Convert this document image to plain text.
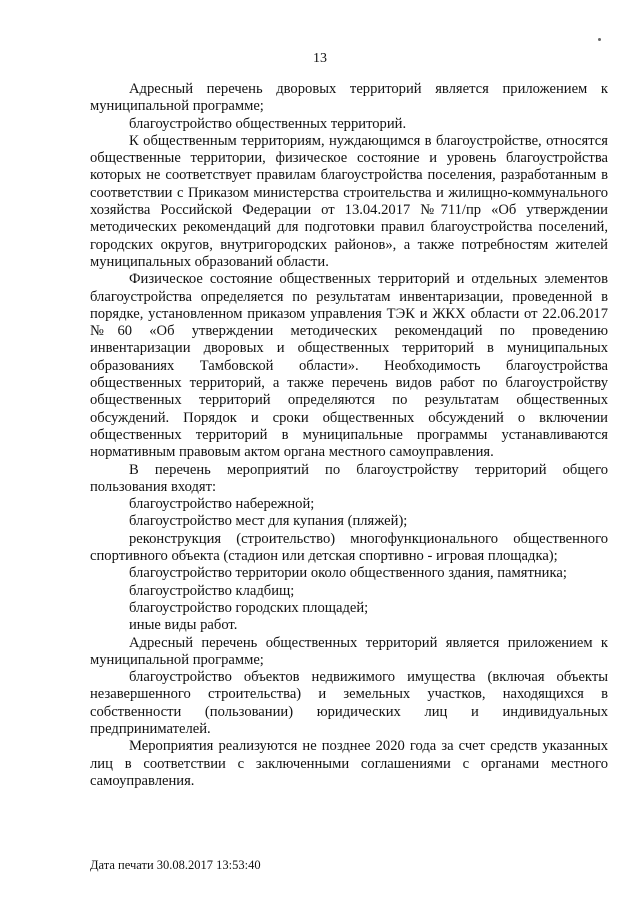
13

Адресный перечень дворовых территорий является приложением к муниципальной программе;

благоустройство общественных территорий.

К общественным территориям, нуждающимся в благоустройстве, относятся общественные территории, физическое состояние и уровень благоустройства которых не соответствует правилам благоустройства поселения, разработанным в соответствии с Приказом министерства строительства и жилищно-коммунального хозяйства Российской Федерации от 13.04.2017 №711/пр «Об утверждении методических рекомендаций для подготовки правил благоустройства поселений, городских округов, внутригородских районов», а также потребностям жителей муниципальных образований области.

Физическое состояние общественных территорий и отдельных элементов благоустройства определяется по результатам инвентаризации, проведенной в порядке, установленном приказом управления ТЭК и ЖКХ области от 22.06.2017 №60 «Об утверждении методических рекомендаций по проведению инвентаризации дворовых и общественных территорий в муниципальных образованиях Тамбовской области». Необходимость благоустройства общественных территорий, а также перечень видов работ по благоустройству общественных территорий определяются по результатам общественных обсуждений. Порядок и сроки общественных обсуждений о включении общественных территорий в муниципальные программы устанавливаются нормативным правовым актом органа местного самоуправления.

В перечень мероприятий по благоустройству территорий общего пользования входят:

благоустройство набережной;

благоустройство мест для купания (пляжей);

реконструкция (строительство) многофункционального общественного спортивного объекта (стадион или детская спортивно - игровая площадка);

благоустройство территории около общественного здания, памятника;

благоустройство кладбищ;

благоустройство городских площадей;

иные виды работ.

Адресный перечень общественных территорий является приложением к муниципальной программе;

благоустройство объектов недвижимого имущества (включая объекты незавершенного строительства) и земельных участков, находящихся в собственности (пользовании) юридических лиц и индивидуальных предпринимателей.

Мероприятия реализуются не позднее 2020 года за счет средств указанных лиц в соответствии с заключенными соглашениями с органами местного самоуправления.

Дата печати 30.08.2017 13:53:40
